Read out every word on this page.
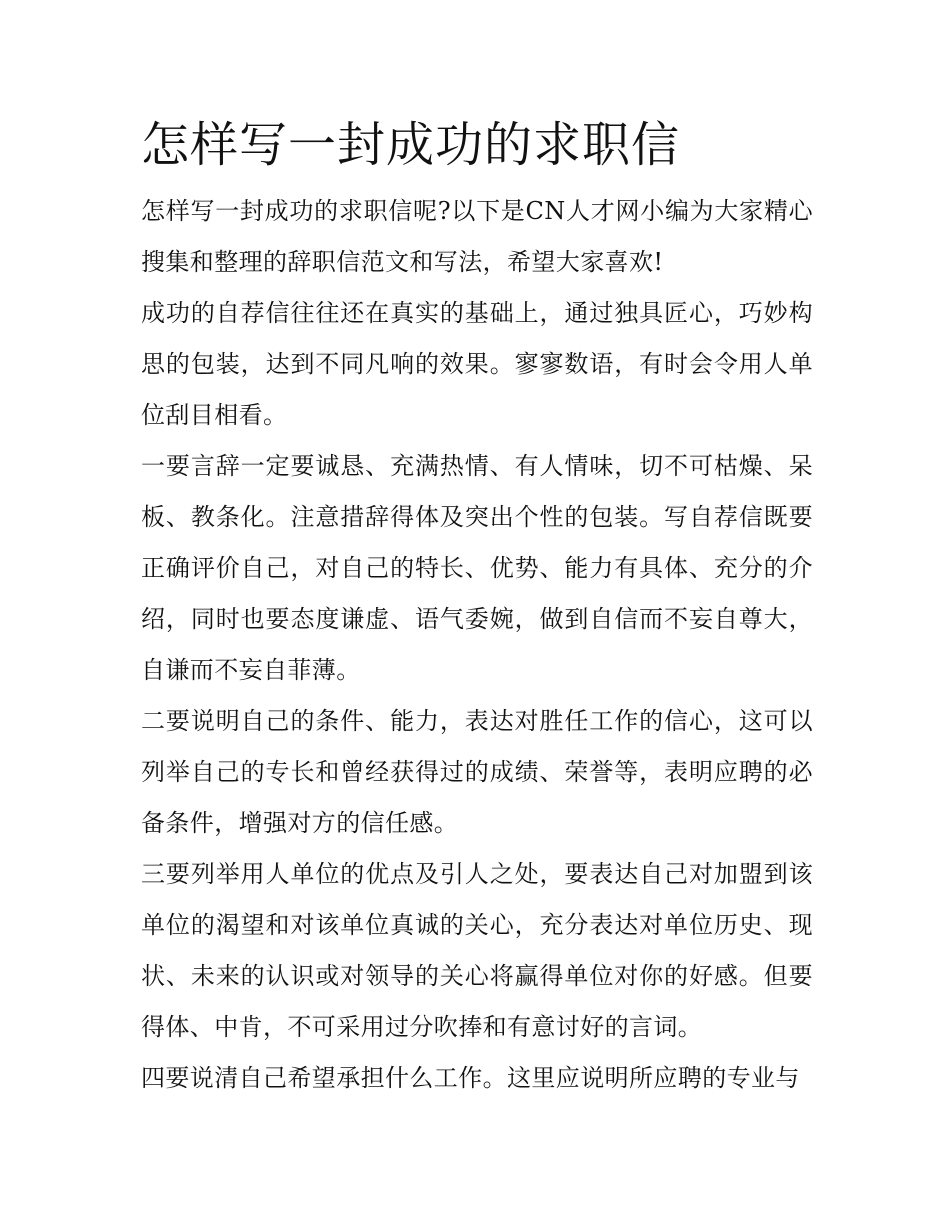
怎样写一封成功的求职信

怎样写一封成功的求职信呢?以下是CN人才网小编为大家精心搜集和整理的辞职信范文和写法，希望大家喜欢!

成功的自荐信往往还在真实的基础上，通过独具匠心，巧妙构思的包装，达到不同凡响的效果。寥寥数语，有时会令用人单位刮目相看。

一要言辞一定要诚恳、充满热情、有人情味，切不可枯燥、呆板、教条化。注意措辞得体及突出个性的包装。写自荐信既要正确评价自己，对自己的特长、优势、能力有具体、充分的介绍，同时也要态度谦虚、语气委婉，做到自信而不妄自尊大，自谦而不妄自菲薄。

二要说明自己的条件、能力，表达对胜任工作的信心，这可以列举自己的专长和曾经获得过的成绩、荣誉等，表明应聘的必备条件，增强对方的信任感。

三要列举用人单位的优点及引人之处，要表达自己对加盟到该单位的渴望和对该单位真诚的关心，充分表达对单位历史、现状、未来的认识或对领导的关心将赢得单位对你的好感。但要得体、中肯，不可采用过分吹捧和有意讨好的言词。

四要说清自己希望承担什么工作。这里应说明所应聘的专业与
